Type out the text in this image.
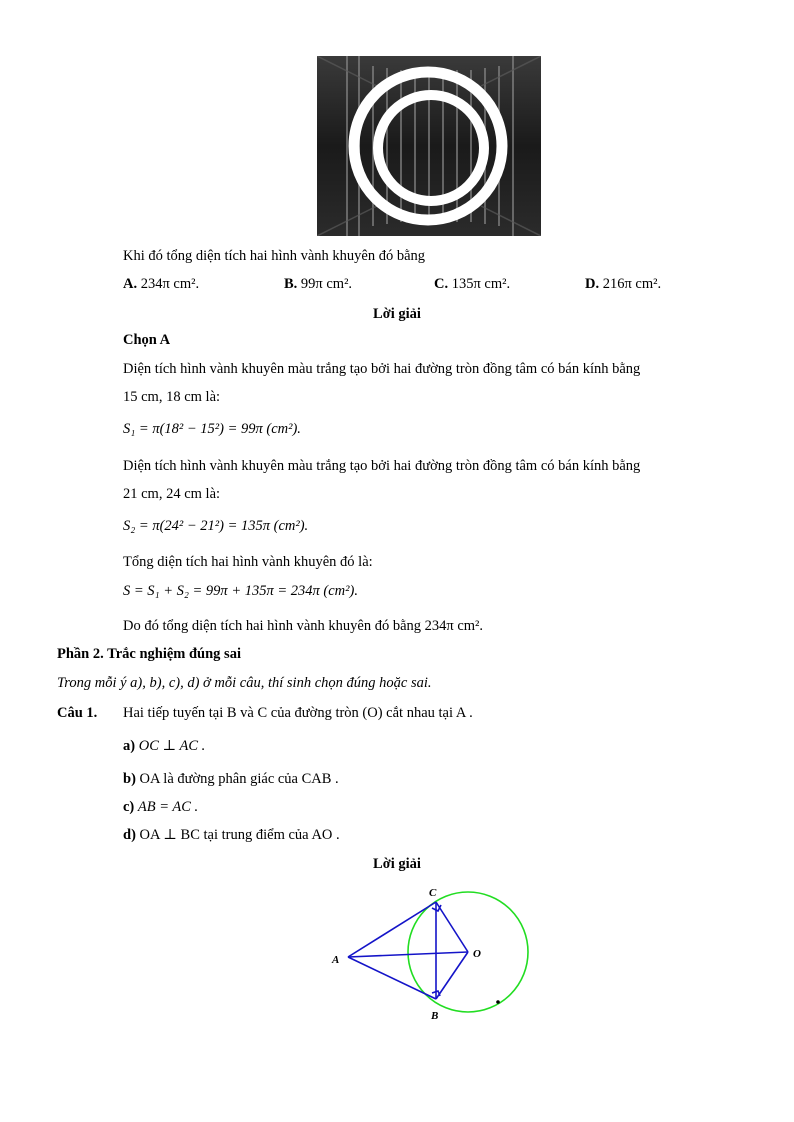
Khi đó tổng diện tích hai hình vành khuyên đó bằng
A. 234π cm².	B. 99π cm².	C. 135π cm².	D. 216π cm².
Lời giải
Chọn A
Diện tích hình vành khuyên màu trắng tạo bởi hai đường tròn đồng tâm có bán kính bằng
15 cm, 18 cm là:
S₁ = π(18² − 15²) = 99π (cm²).
Diện tích hình vành khuyên màu trắng tạo bởi hai đường tròn đồng tâm có bán kính bằng
21 cm, 24 cm là:
S₂ = π(24² − 21²) = 135π (cm²).
Tổng diện tích hai hình vành khuyên đó là:
S = S₁ + S₂ = 99π + 135π = 234π (cm²).
Do đó tổng diện tích hai hình vành khuyên đó bằng 234π cm².
Phần 2. Trắc nghiệm đúng sai
Trong mỗi ý a), b), c), d) ở mỗi câu, thí sinh chọn đúng hoặc sai.
Câu 1. Hai tiếp tuyến tại B và C của đường tròn (O) cắt nhau tại A .
a) OC ⊥ AC .
b) OA là đường phân giác của CAB .
c) AB = AC .
d) OA ⊥ BC tại trung điểm của AO .
Lời giải
A
C
O
B
